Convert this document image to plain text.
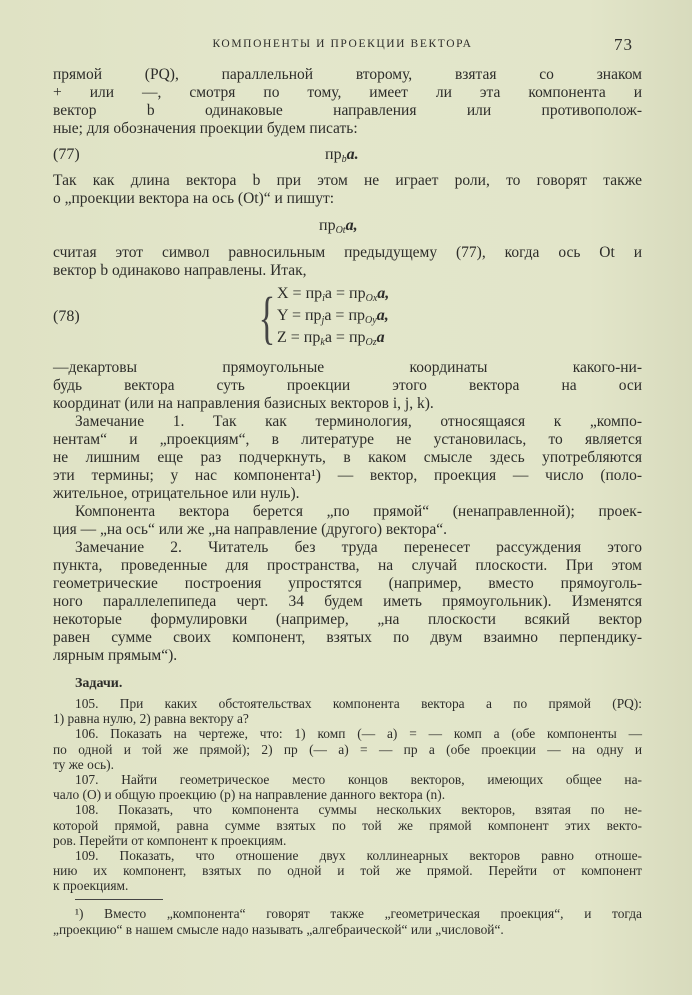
КОМПОНЕНТЫ И ПРОЕКЦИИ ВЕКТОРА	73
прямой (PQ), параллельной второму, взятая со знаком
+ или —, смотря по тому, имеет ли эта компонента и
вектор b одинаковые направления или противополож-
ные; для обозначения проекции будем писать:
(77)	$пр_ba$.
Так как длина вектора b при этом не играет роли, то говорят также
о „проекции вектора на ось (Ot)“ и пишут:
$пр_{Ot}a$,
считая этот символ равносильным предыдущему (77), когда ось Ot и
вектор b одинаково направлены. Итак,
(78)	{ $X = пр_ia = пр_{Ox}a$,
$Y = пр_ja = пр_{Oy}a$,
$Z = пр_ka = пр_{Oz}a$
—декартовы прямоугольные координаты какого-ни-
будь вектора суть проекции этого вектора на оси
координат (или на направления базисных векторов i, j, k).
Замечание 1. Так как терминология, относящаяся к „компо-
нентам“ и „проекциям“, в литературе не установилась, то является
не лишним еще раз подчеркнуть, в каком смысле здесь употребляются
эти термины; у нас компонента¹) — вектор, проекция — число (поло-
жительное, отрицательное или нуль).
Компонента вектора берется „по прямой“ (ненаправленной); проек-
ция — „на ось“ или же „на направление (другого) вектора“.
Замечание 2. Читатель без труда перенесет рассуждения этого
пункта, проведенные для пространства, на случай плоскости. При этом
геометрические построения упростятся (например, вместо прямоуголь-
ного параллелепипеда черт. 34 будем иметь прямоугольник). Изменятся
некоторые формулировки (например, „на плоскости всякий вектор
равен сумме своих компонент, взятых по двум взаимно перпендику-
лярным прямым“).
Задачи.
105. При каких обстоятельствах компонента вектора a по прямой (PQ):
1) равна нулю, 2) равна вектору a?
106. Показать на чертеже, что: 1) комп (— a) = — комп a (обе компоненты —
по одной и той же прямой); 2) пр (— a) = — пр a (обе проекции — на одну и
ту же ось).
107. Найти геометрическое место концов векторов, имеющих общее на-
чало (O) и общую проекцию (p) на направление данного вектора (n).
108. Показать, что компонента суммы нескольких векторов, взятая по не-
которой прямой, равна сумме взятых по той же прямой компонент этих векто-
ров. Перейти от компонент к проекциям.
109. Показать, что отношение двух коллинеарных векторов равно отноше-
нию их компонент, взятых по одной и той же прямой. Перейти от компонент
к проекциям.
¹) Вместо „компонента“ говорят также „геометрическая проекция“, и тогда
„проекцию“ в нашем смысле надо называть „алгебраической“ или „числовой“.
